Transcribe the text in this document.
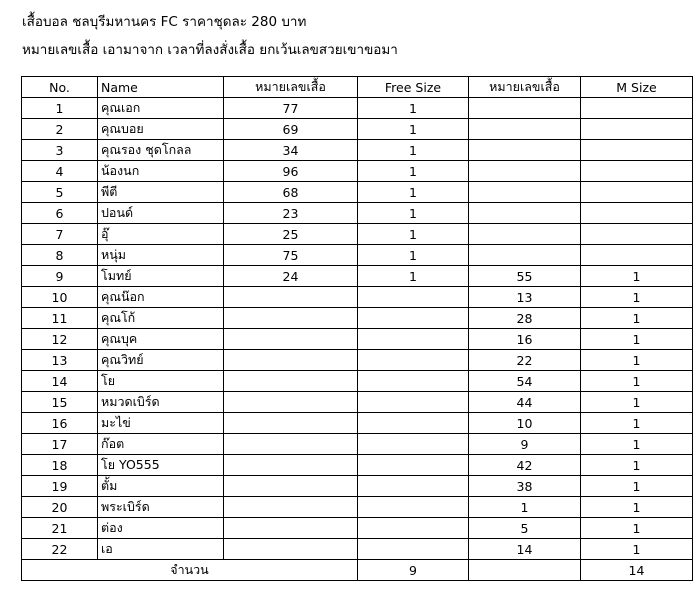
เสื้อบอล ชลบุรีมหานคร FC ราคาชุดละ 280 บาท
หมายเลขเสื้อ เอามาจาก เวลาที่ลงสั่งเสื้อ ยกเว้นเลขสวยเขาขอมา
No.	Name	หมายเลขเสื้อ	Free Size	หมายเลขเสื้อ	M Size
1	คุณเอก	77	1		
2	คุณบอย	69	1		
3	คุณรอง ชุดโกลล	34	1		
4	น้องนก	96	1		
5	พีตี	68	1		
6	ปอนด์	23	1		
7	อุ๊	25	1		
8	หนุ่ม	75	1		
9	โมทย์	24	1	55	1
10	คุณน๊อก			13	1
11	คุณโก้			28	1
12	คุณบุค			16	1
13	คุณวิทย์			22	1
14	โย			54	1
15	หมวดเบิร์ด			44	1
16	มะไข่			10	1
17	ก๊อต			9	1
18	โย YO555			42	1
19	ตั้ม			38	1
20	พระเบิร์ด			1	1
21	ต่อง			5	1
22	เอ			14	1
จำนวน			9		14
